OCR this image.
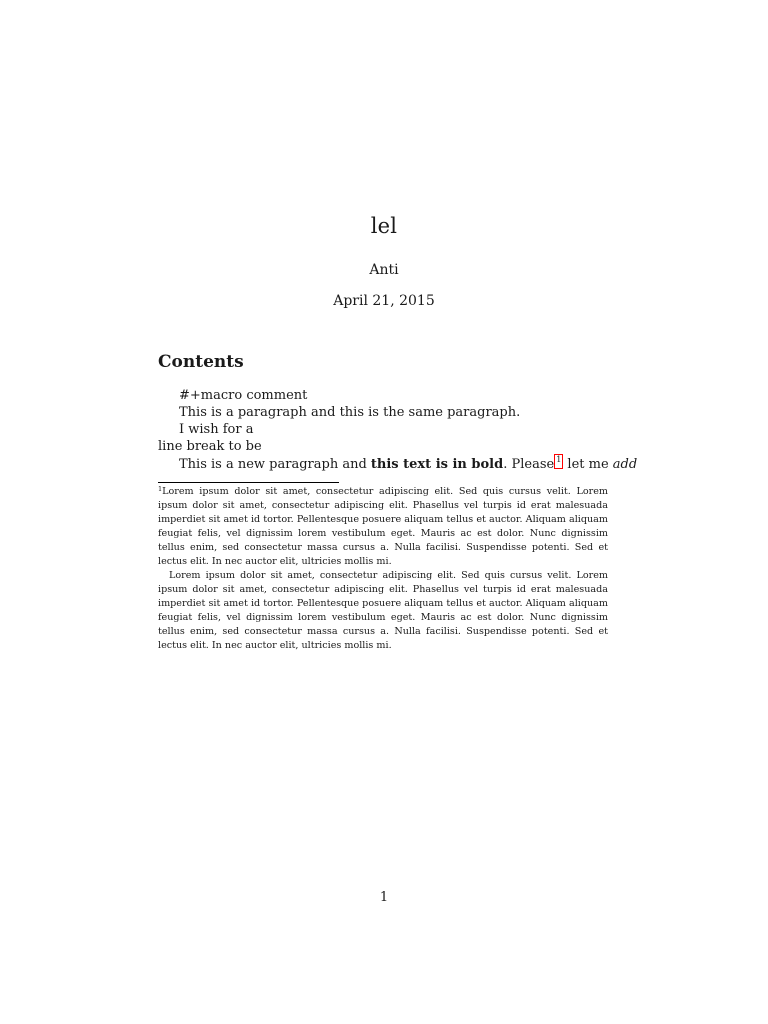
lel
Anti
April 21, 2015
Contents
#+macro comment
This is a paragraph and this is the same paragraph.
I wish for a
line break to be
This is a new paragraph and this text is in bold. Please 1 let me add
$^1$Lorem ipsum dolor sit amet, consectetur adipiscing elit. Sed quis cursus velit. Lorem ipsum dolor sit amet, consectetur adipiscing elit. Phasellus vel turpis id erat malesuada imperdiet sit amet id tortor. Pellentesque posuere aliquam tellus et auctor. Aliquam aliquam feugiat felis, vel dignissim lorem vestibulum eget. Mauris ac est dolor. Nunc dignissim tellus enim, sed consectetur massa cursus a. Nulla facilisi. Suspendisse potenti. Sed et lectus elit. In nec auctor elit, ultricies mollis mi.
Lorem ipsum dolor sit amet, consectetur adipiscing elit. Sed quis cursus velit. Lorem ipsum dolor sit amet, consectetur adipiscing elit. Phasellus vel turpis id erat malesuada imperdiet sit amet id tortor. Pellentesque posuere aliquam tellus et auctor. Aliquam aliquam feugiat felis, vel dignissim lorem vestibulum eget. Mauris ac est dolor. Nunc dignissim tellus enim, sed consectetur massa cursus a. Nulla facilisi. Suspendisse potenti. Sed et lectus elit. In nec auctor elit, ultricies mollis mi.
1
